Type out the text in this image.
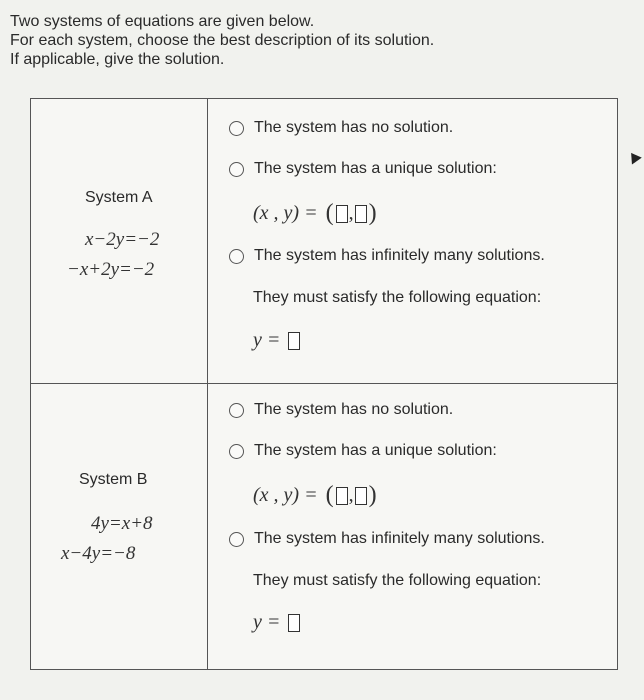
Two systems of equations are given below.
For each system, choose the best description of its solution.
If applicable, give the solution.
System A
x−2y=−2
−x+2y=−2
The system has no solution.
The system has a unique solution:
(x , y) = ( , )
The system has infinitely many solutions.
They must satisfy the following equation:
y =
System B
4y=x+8
x−4y=−8
The system has no solution.
The system has a unique solution:
(x , y) = ( , )
The system has infinitely many solutions.
They must satisfy the following equation:
y =
